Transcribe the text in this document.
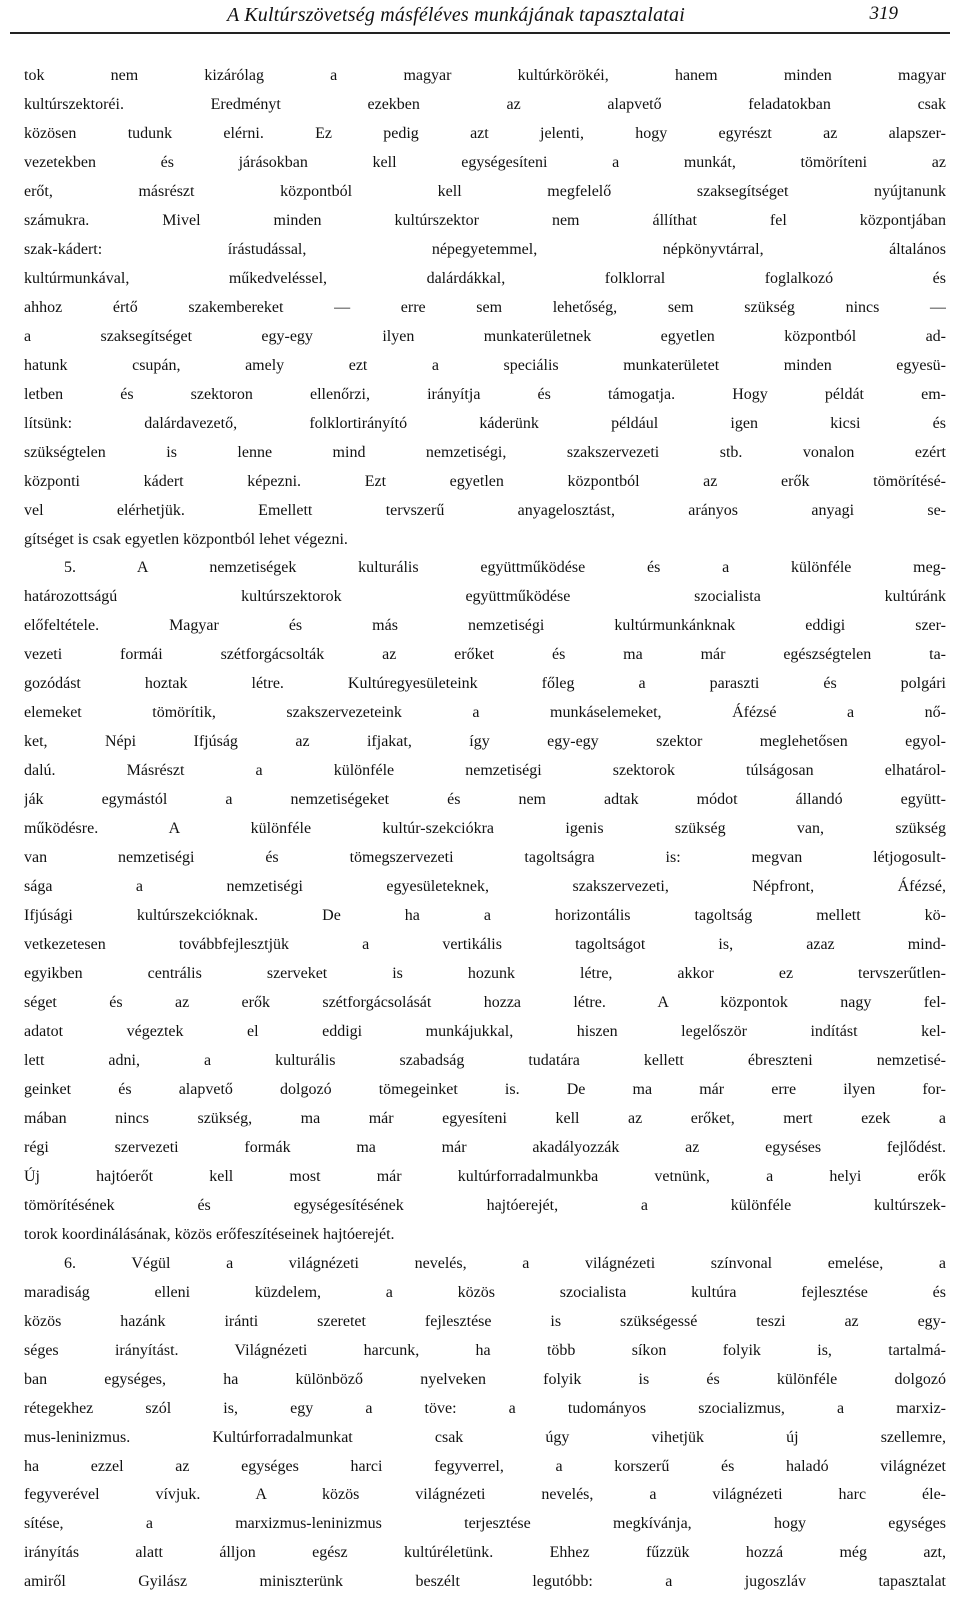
A Kultúrszövetség másféléves munkájának tapasztalatai	319
tok nem kizárólag a magyar kultúrkörökéi, hanem minden magyar
kultúrszektoréi. Eredményt ezekben az alapvető feladatokban csak
közösen tudunk elérni. Ez pedig azt jelenti, hogy egyrészt az alapszer-
vezetekben és járásokban kell egységesíteni a munkát, tömöríteni az
erőt, másrészt központból kell megfelelő szaksegítséget nyújtanunk
számukra. Mivel minden kultúrszektor nem állíthat fel központjában
szak-kádert: írástudással, népegyetemmel, népkönyvtárral, általános
kultúrmunkával, műkedveléssel, dalárdákkal, folklorral foglalkozó és
ahhoz értő szakembereket — erre sem lehetőség, sem szükség nincs —
a szaksegítséget egy-egy ilyen munkaterületnek egyetlen központból ad-
hatunk csupán, amely ezt a speciális munkaterületet minden egyesü-
letben és szektoron ellenőrzi, irányítja és támogatja. Hogy példát em-
lítsünk: dalárdavezető, folklortirányító káderünk például igen kicsi és
szükségtelen is lenne mind nemzetiségi, szakszervezeti stb. vonalon ezért
központi kádert képezni. Ezt egyetlen központból az erők tömörítésé-
vel elérhetjük. Emellett tervszerű anyagelosztást, arányos anyagi se-
gítséget is csak egyetlen központból lehet végezni.
5. A nemzetiségek kulturális együttműködése és a különféle meg-
határozottságú kultúrszektorok együttműködése szocialista kultúránk
előfeltétele. Magyar és más nemzetiségi kultúrmunkánknak eddigi szer-
vezeti formái szétforgácsolták az erőket és ma már egészségtelen ta-
gozódást hoztak létre. Kultúregyesületeink főleg a paraszti és polgári
elemeket tömörítik, szakszervezeteink a munkáselemeket, Áfézsé a nő-
ket, Népi Ifjúság az ifjakat, így egy-egy szektor meglehetősen egyol-
dalú. Másrészt a különféle nemzetiségi szektorok túlságosan elhatárol-
ják egymástól a nemzetiségeket és nem adtak módot állandó együtt-
működésre. A különféle kultúr-szekciókra igenis szükség van, szükség
van nemzetiségi és tömegszervezeti tagoltságra is: megvan létjogosult-
sága a nemzetiségi egyesületeknek, szakszervezeti, Népfront, Áfézsé,
Ifjúsági kultúrszekcióknak. De ha a horizontális tagoltság mellett kö-
vetkezetesen továbbfejlesztjük a vertikális tagoltságot is, azaz mind-
egyikben centrális szerveket is hozunk létre, akkor ez tervszerűtlen-
séget és az erők szétforgácsolását hozza létre. A központok nagy fel-
adatot végeztek el eddigi munkájukkal, hiszen legelőször indítást kel-
lett adni, a kulturális szabadság tudatára kellett ébreszteni nemzetisé-
geinket és alapvető dolgozó tömegeinket is. De ma már erre ilyen for-
mában nincs szükség, ma már egyesíteni kell az erőket, mert ezek a
régi szervezeti formák ma már akadályozzák az egyséses fejlődést.
Új hajtóerőt kell most már kultúrforradalmunkba vetnünk, a helyi erők
tömörítésének és egységesítésének hajtóerejét, a különféle kultúrszek-
torok koordinálásának, közös erőfeszítéseinek hajtóerejét.
6. Végül a világnézeti nevelés, a világnézeti színvonal emelése, a
maradiság elleni küzdelem, a közös szocialista kultúra fejlesztése és
közös hazánk iránti szeretet fejlesztése is szükségessé teszi az egy-
séges irányítást. Világnézeti harcunk, ha több síkon folyik is, tartalmá-
ban egységes, ha különböző nyelveken folyik is és különféle dolgozó
rétegekhez szól is, egy a töve: a tudományos szocializmus, a marxiz-
mus-leninizmus. Kultúrforradalmunkat csak úgy vihetjük új szellemre,
ha ezzel az egységes harci fegyverrel, a korszerű és haladó világnézet
fegyverével vívjuk. A közös világnézeti nevelés, a világnézeti harc éle-
sítése, a marxizmus-leninizmus terjesztése megkívánja, hogy egységes
irányítás alatt álljon egész kultúréletünk. Ehhez fűzzük hozzá még azt,
amiről Gyilász miniszterünk beszélt legutóbb: a jugoszláv tapasztalat
